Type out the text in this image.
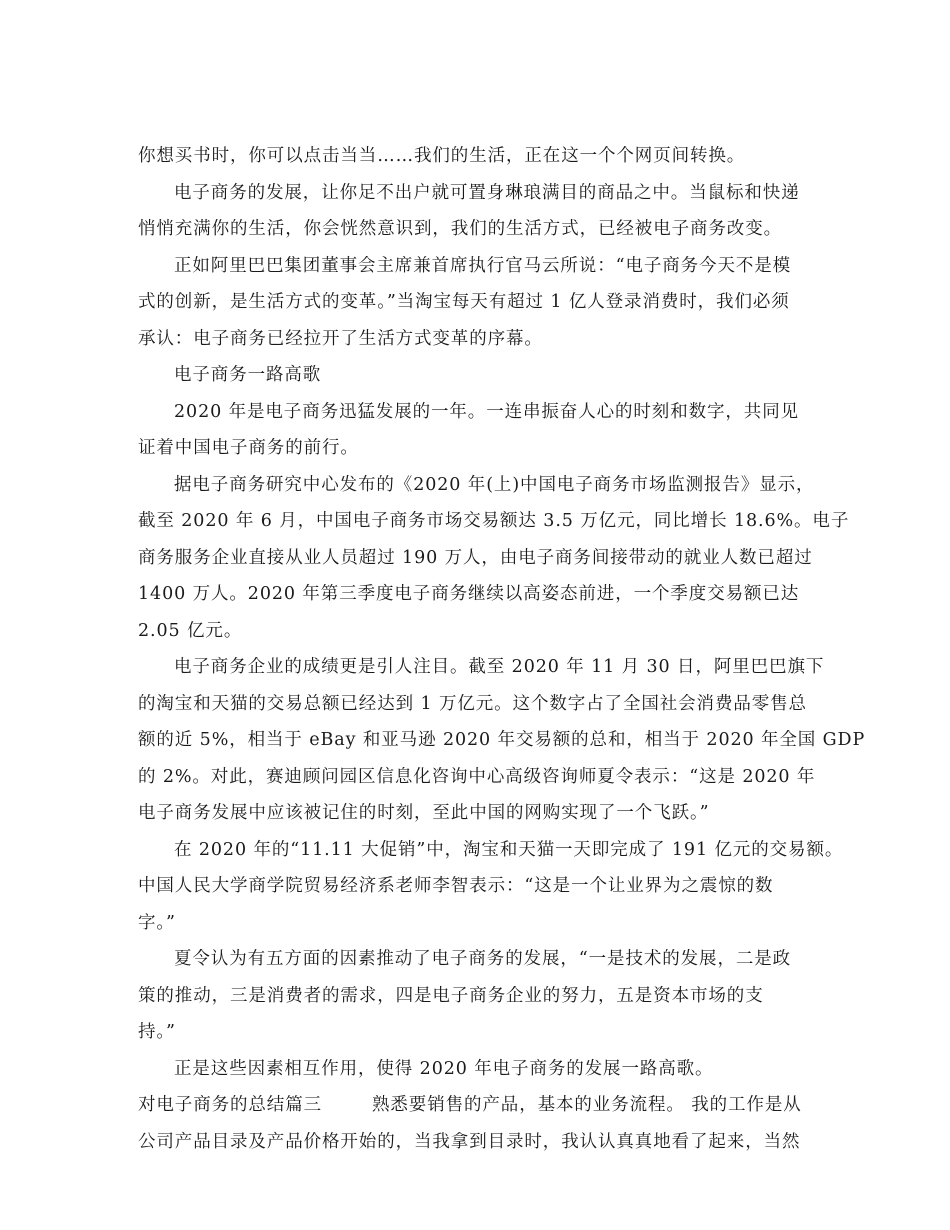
你想买书时，你可以点击当当……我们的生活，正在这一个个网页间转换。
电子商务的发展，让你足不出户就可置身琳琅满目的商品之中。当鼠标和快递
悄悄充满你的生活，你会恍然意识到，我们的生活方式，已经被电子商务改变。
正如阿里巴巴集团董事会主席兼首席执行官马云所说：“电子商务今天不是模
式的创新，是生活方式的变革。”当淘宝每天有超过 1 亿人登录消费时，我们必须
承认：电子商务已经拉开了生活方式变革的序幕。
电子商务一路高歌
2020 年是电子商务迅猛发展的一年。一连串振奋人心的时刻和数字，共同见
证着中国电子商务的前行。
据电子商务研究中心发布的《2020 年(上)中国电子商务市场监测报告》显示，
截至 2020 年 6 月，中国电子商务市场交易额达 3.5 万亿元，同比增长 18.6%。电子
商务服务企业直接从业人员超过 190 万人，由电子商务间接带动的就业人数已超过
1400 万人。2020 年第三季度电子商务继续以高姿态前进，一个季度交易额已达
2.05 亿元。
电子商务企业的成绩更是引人注目。截至 2020 年 11 月 30 日，阿里巴巴旗下
的淘宝和天猫的交易总额已经达到 1 万亿元。这个数字占了全国社会消费品零售总
额的近 5%，相当于 eBay 和亚马逊 2020 年交易额的总和，相当于 2020 年全国 GDP
的 2%。对此，赛迪顾问园区信息化咨询中心高级咨询师夏令表示：“这是 2020 年
电子商务发展中应该被记住的时刻，至此中国的网购实现了一个飞跃。”
在 2020 年的“11.11 大促销”中，淘宝和天猫一天即完成了 191 亿元的交易额。
中国人民大学商学院贸易经济系老师李智表示：“这是一个让业界为之震惊的数
字。”
夏令认为有五方面的因素推动了电子商务的发展，“一是技术的发展，二是政
策的推动，三是消费者的需求，四是电子商务企业的努力，五是资本市场的支
持。”
正是这些因素相互作用，使得 2020 年电子商务的发展一路高歌。
对电子商务的总结篇三	熟悉要销售的产品，基本的业务流程。 我的工作是从
公司产品目录及产品价格开始的，当我拿到目录时，我认认真真地看了起来，当然
